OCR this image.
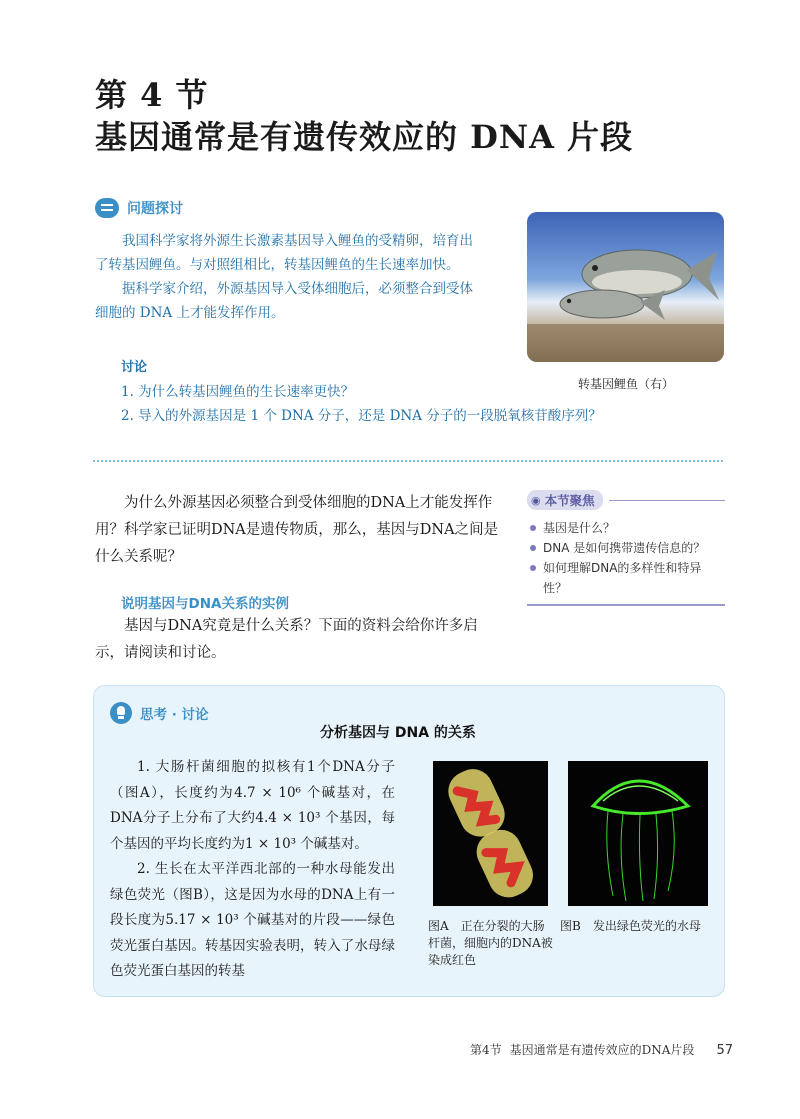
第 4 节
基因通常是有遗传效应的 DNA 片段
问题探讨

我国科学家将外源生长激素基因导入鲤鱼的受精卵，培育出了转基因鲤鱼。与对照组相比，转基因鲤鱼的生长速率加快。

据科学家介绍，外源基因导入受体细胞后，必须整合到受体细胞的 DNA 上才能发挥作用。

讨论

1. 为什么转基因鲤鱼的生长速率更快？

2. 导入的外源基因是 1 个 DNA 分子，还是 DNA 分子的一段脱氧核苷酸序列？

转基因鲤鱼（右）

为什么外源基因必须整合到受体细胞的DNA上才能发挥作用？科学家已证明DNA是遗传物质，那么，基因与DNA之间是什么关系呢？

◉ 本节聚焦
基因是什么？
DNA 是如何携带遗传信息的？
如何理解DNA的多样性和特异性？
说明基因与DNA关系的实例

基因与DNA究竟是什么关系？下面的资料会给你许多启示，请阅读和讨论。

思考 · 讨论
分析基因与 DNA 的关系

1. 大肠杆菌细胞的拟核有1个DNA分子（图A），长度约为4.7 × 10⁶ 个碱基对，在DNA分子上分布了大约4.4 × 10³ 个基因，每个基因的平均长度约为1 × 10³ 个碱基对。

2. 生长在太平洋西北部的一种水母能发出绿色荧光（图B），这是因为水母的DNA上有一段长度为5.17 × 10³ 个碱基对的片段——绿色荧光蛋白基因。转基因实验表明，转入了水母绿色荧光蛋白基因的转基

图A　正在分裂的大肠杆菌，细胞内的DNA被染成红色
图B　发出绿色荧光的水母
第4节 基因通常是有遗传效应的DNA片段 57
